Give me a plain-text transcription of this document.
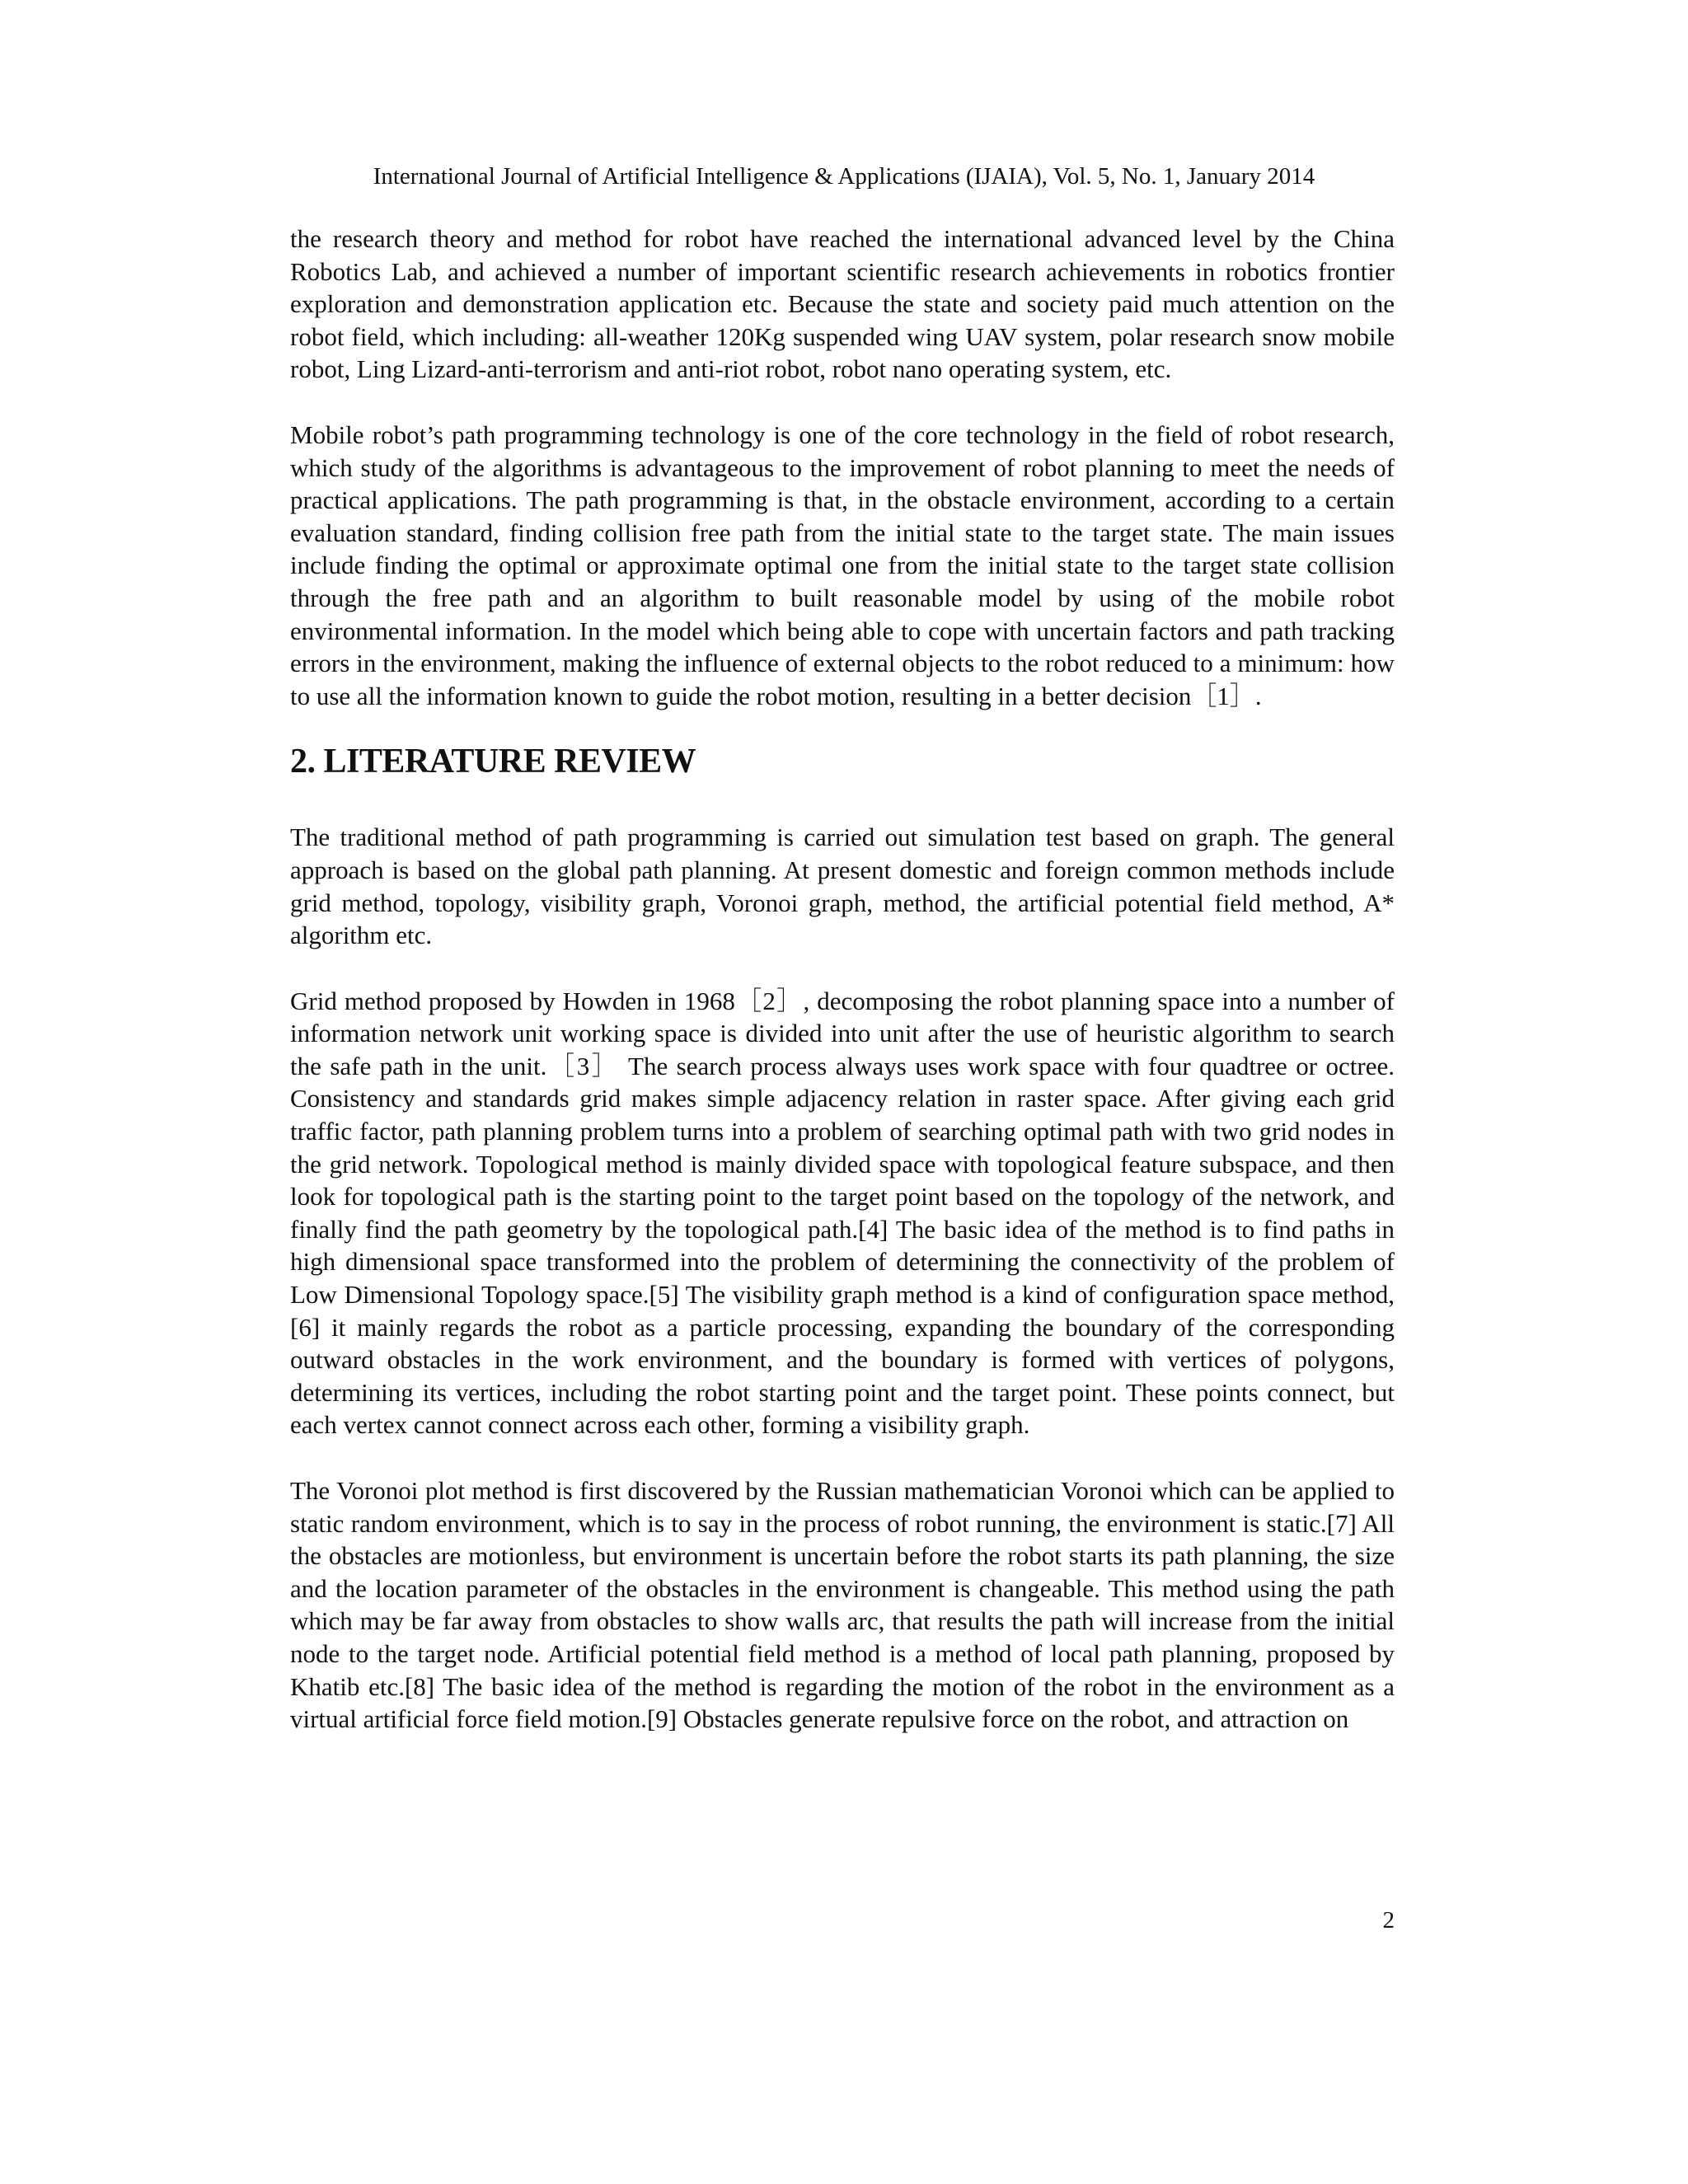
International Journal of Artificial Intelligence & Applications (IJAIA), Vol. 5, No. 1, January 2014

the research theory and method for robot have reached the international advanced level by the China Robotics Lab, and achieved a number of important scientific research achievements in robotics frontier exploration and demonstration application etc. Because the state and society paid much attention on the robot field, which including: all-weather 120Kg suspended wing UAV system, polar research snow mobile robot, Ling Lizard-anti-terrorism and anti-riot robot, robot nano operating system, etc.

Mobile robot’s path programming technology is one of the core technology in the field of robot research, which study of the algorithms is advantageous to the improvement of robot planning to meet the needs of practical applications. The path programming is that, in the obstacle environment, according to a certain evaluation standard, finding collision free path from the initial state to the target state. The main issues include finding the optimal or approximate optimal one from the initial state to the target state collision through the free path and an algorithm to built reasonable model by using of the mobile robot environmental information. In the model which being able to cope with uncertain factors and path tracking errors in the environment, making the influence of external objects to the robot reduced to a minimum: how to use all the information known to guide the robot motion, resulting in a better decision［1］.

2. LITERATURE REVIEW

The traditional method of path programming is carried out simulation test based on graph. The general approach is based on the global path planning. At present domestic and foreign common methods include grid method, topology, visibility graph, Voronoi graph, method, the artificial potential field method, A* algorithm etc.

Grid method proposed by Howden in 1968［2］, decomposing the robot planning space into a number of information network unit working space is divided into unit after the use of heuristic algorithm to search the safe path in the unit.［3］ The search process always uses work space with four quadtree or octree. Consistency and standards grid makes simple adjacency relation in raster space. After giving each grid traffic factor, path planning problem turns into a problem of searching optimal path with two grid nodes in the grid network. Topological method is mainly divided space with topological feature subspace, and then look for topological path is the starting point to the target point based on the topology of the network, and finally find the path geometry by the topological path.[4] The basic idea of the method is to find paths in high dimensional space transformed into the problem of determining the connectivity of the problem of Low Dimensional Topology space.[5] The visibility graph method is a kind of configuration space method,[6] it mainly regards the robot as a particle processing, expanding the boundary of the corresponding outward obstacles in the work environment, and the boundary is formed with vertices of polygons, determining its vertices, including the robot starting point and the target point. These points connect, but each vertex cannot connect across each other, forming a visibility graph.

The Voronoi plot method is first discovered by the Russian mathematician Voronoi which can be applied to static random environment, which is to say in the process of robot running, the environment is static.[7] All the obstacles are motionless, but environment is uncertain before the robot starts its path planning, the size and the location parameter of the obstacles in the environment is changeable. This method using the path which may be far away from obstacles to show walls arc, that results the path will increase from the initial node to the target node. Artificial potential field method is a method of local path planning, proposed by Khatib etc.[8] The basic idea of the method is regarding the motion of the robot in the environment as a virtual artificial force field motion.[9] Obstacles generate repulsive force on the robot, and attraction on

2
